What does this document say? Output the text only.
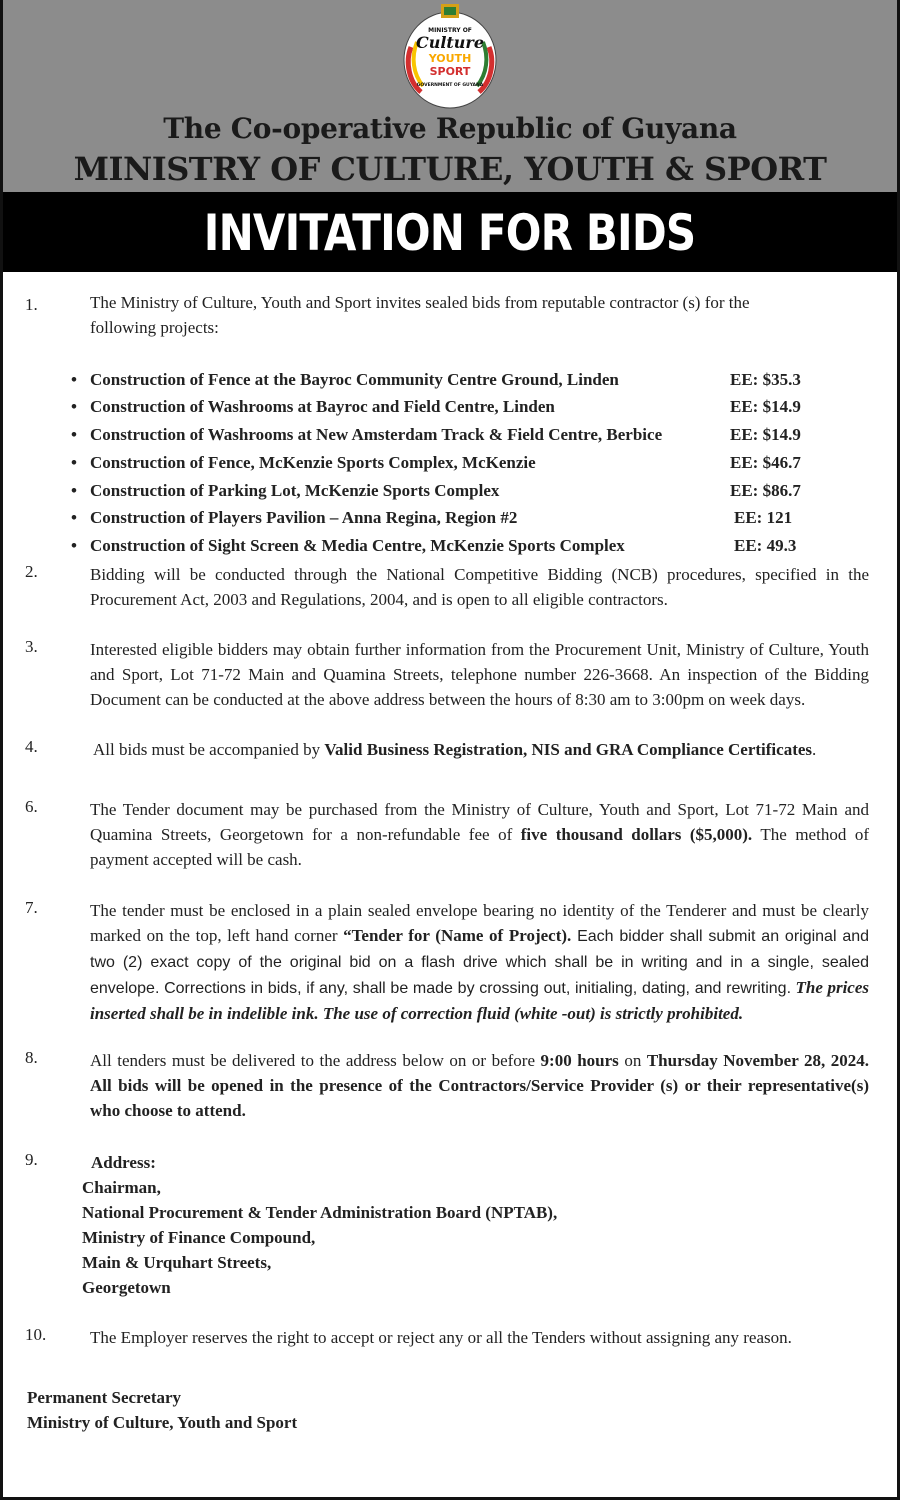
MINISTRY OF
Culture
YOUTH
SPORT
GOVERNMENT OF GUYANA
The Co-operative Republic of Guyana
MINISTRY OF CULTURE, YOUTH & SPORT
INVITATION FOR BIDS
1.	The Ministry of Culture, Youth and Sport invites sealed bids from reputable contractor (s) for the following projects:
• Construction of Fence at the Bayroc Community Centre Ground, Linden	EE: $35.3
• Construction of Washrooms at Bayroc and Field Centre, Linden	EE: $14.9
• Construction of Washrooms at New Amsterdam Track & Field Centre, Berbice	EE: $14.9
• Construction of Fence, McKenzie Sports Complex, McKenzie	EE: $46.7
• Construction of Parking Lot, McKenzie Sports Complex	EE: $86.7
• Construction of Players Pavilion – Anna Regina, Region #2	EE: 121
• Construction of Sight Screen & Media Centre, McKenzie Sports Complex	EE: 49.3
2.	Bidding will be conducted through the National Competitive Bidding (NCB) procedures, specified in the Procurement Act, 2003 and Regulations, 2004, and is open to all eligible contractors.
3.	Interested eligible bidders may obtain further information from the Procurement Unit, Ministry of Culture, Youth and Sport, Lot 71-72 Main and Quamina Streets, telephone number 226-3668. An inspection of the Bidding Document can be conducted at the above address between the hours of 8:30 am to 3:00pm on week days.
4.	All bids must be accompanied by Valid Business Registration, NIS and GRA Compliance Certificates.
6.	The Tender document may be purchased from the Ministry of Culture, Youth and Sport, Lot 71-72 Main and Quamina Streets, Georgetown for a non-refundable fee of five thousand dollars ($5,000). The method of payment accepted will be cash.
7.	The tender must be enclosed in a plain sealed envelope bearing no identity of the Tenderer and must be clearly marked on the top, left hand corner “Tender for (Name of Project). Each bidder shall submit an original and two (2) exact copy of the original bid on a flash drive which shall be in writing and in a single, sealed envelope. Corrections in bids, if any, shall be made by crossing out, initialing, dating, and rewriting. The prices inserted shall be in indelible ink. The use of correction fluid (white -out) is strictly prohibited.
8.	All tenders must be delivered to the address below on or before 9:00 hours on Thursday November 28, 2024. All bids will be opened in the presence of the Contractors/Service Provider (s) or their representative(s) who choose to attend.
9.	Address:
Chairman,
National Procurement & Tender Administration Board (NPTAB),
Ministry of Finance Compound,
Main & Urquhart Streets,
Georgetown
10.	The Employer reserves the right to accept or reject any or all the Tenders without assigning any reason.
Permanent Secretary
Ministry of Culture, Youth and Sport
